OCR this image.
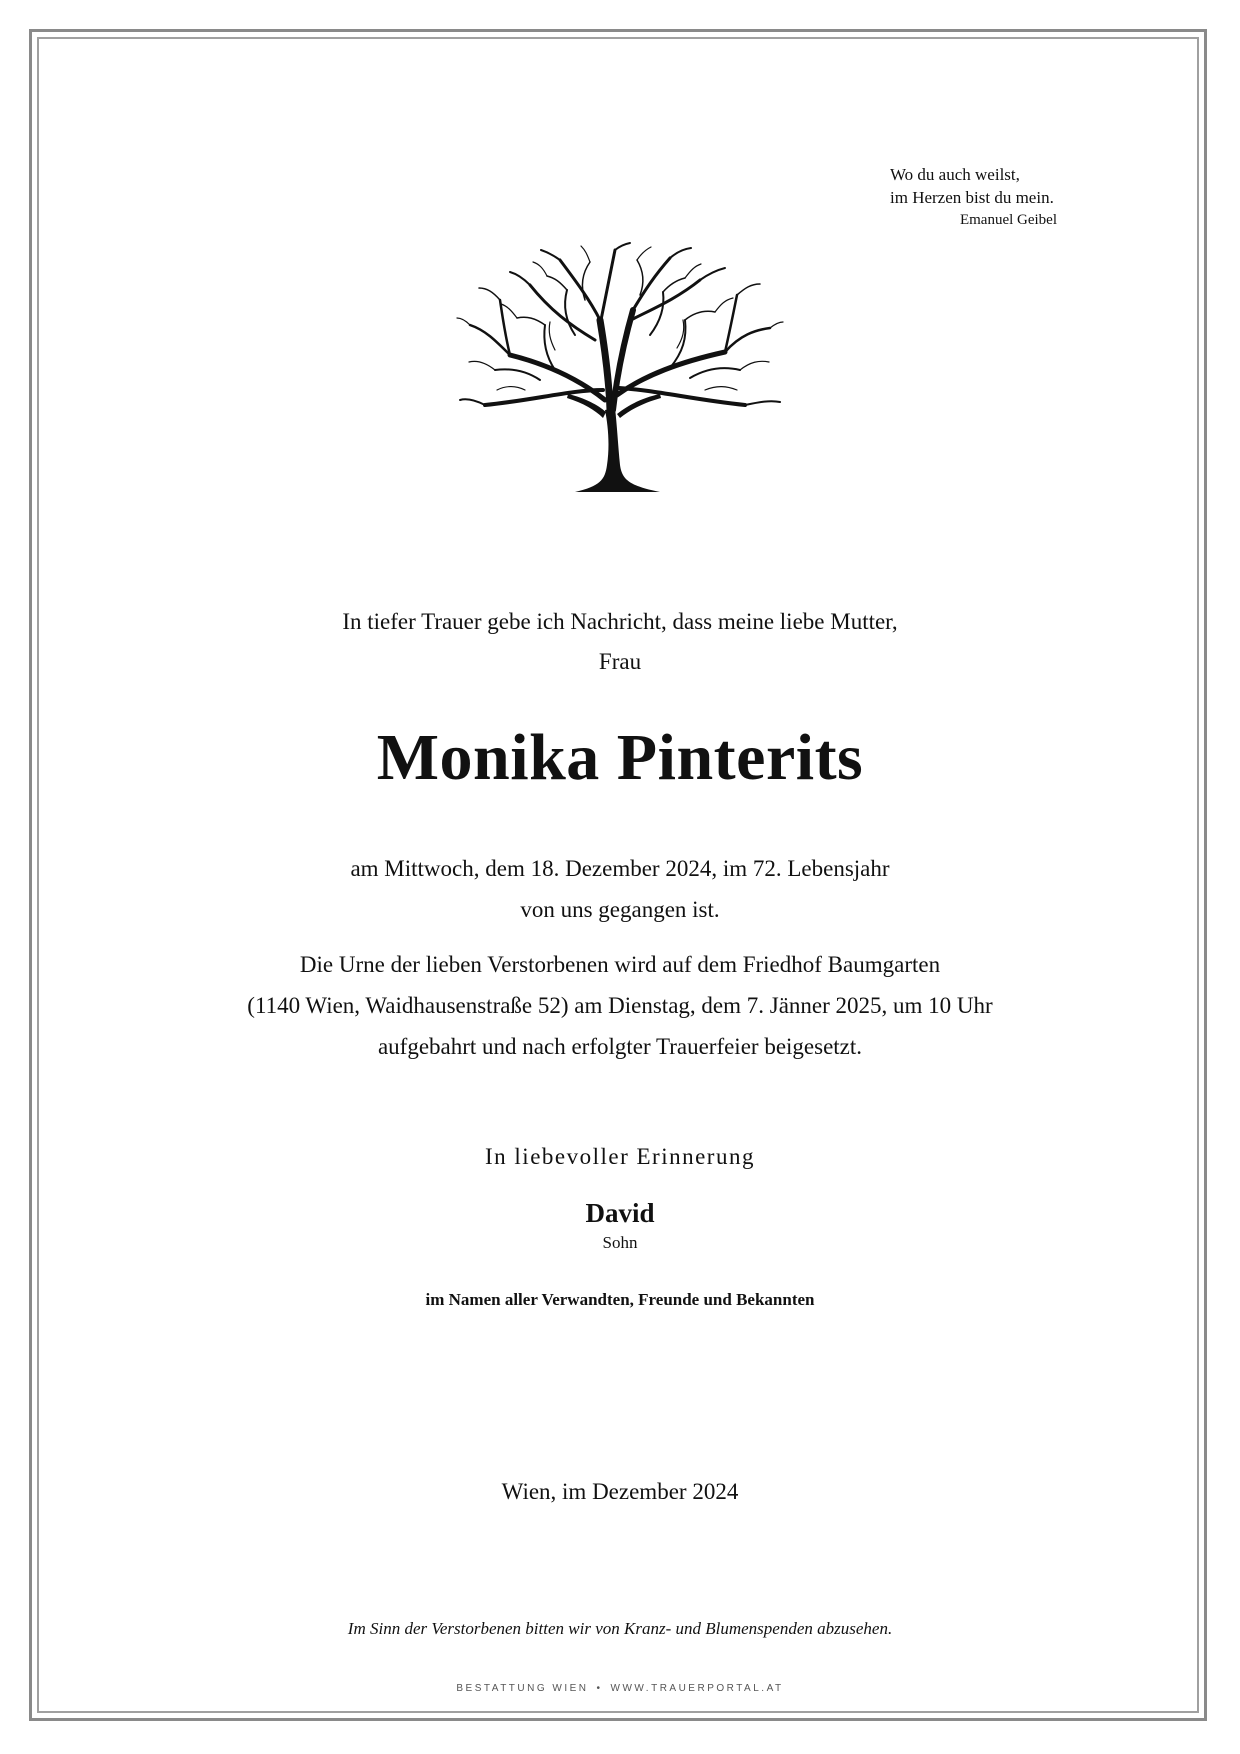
Wo du auch weilst,
im Herzen bist du mein.
Emanuel Geibel
In tiefer Trauer gebe ich Nachricht, dass meine liebe Mutter,
Frau
Monika Pinterits
am Mittwoch, dem 18. Dezember 2024, im 72. Lebensjahr
von uns gegangen ist.
Die Urne der lieben Verstorbenen wird auf dem Friedhof Baumgarten
(1140 Wien, Waidhausenstraße 52) am Dienstag, dem 7. Jänner 2025, um 10 Uhr
aufgebahrt und nach erfolgter Trauerfeier beigesetzt.
In liebevoller Erinnerung
David
Sohn
im Namen aller Verwandten, Freunde und Bekannten
Wien, im Dezember 2024
Im Sinn der Verstorbenen bitten wir von Kranz- und Blumenspenden abzusehen.
BESTATTUNG WIEN • WWW.TRAUERPORTAL.AT
